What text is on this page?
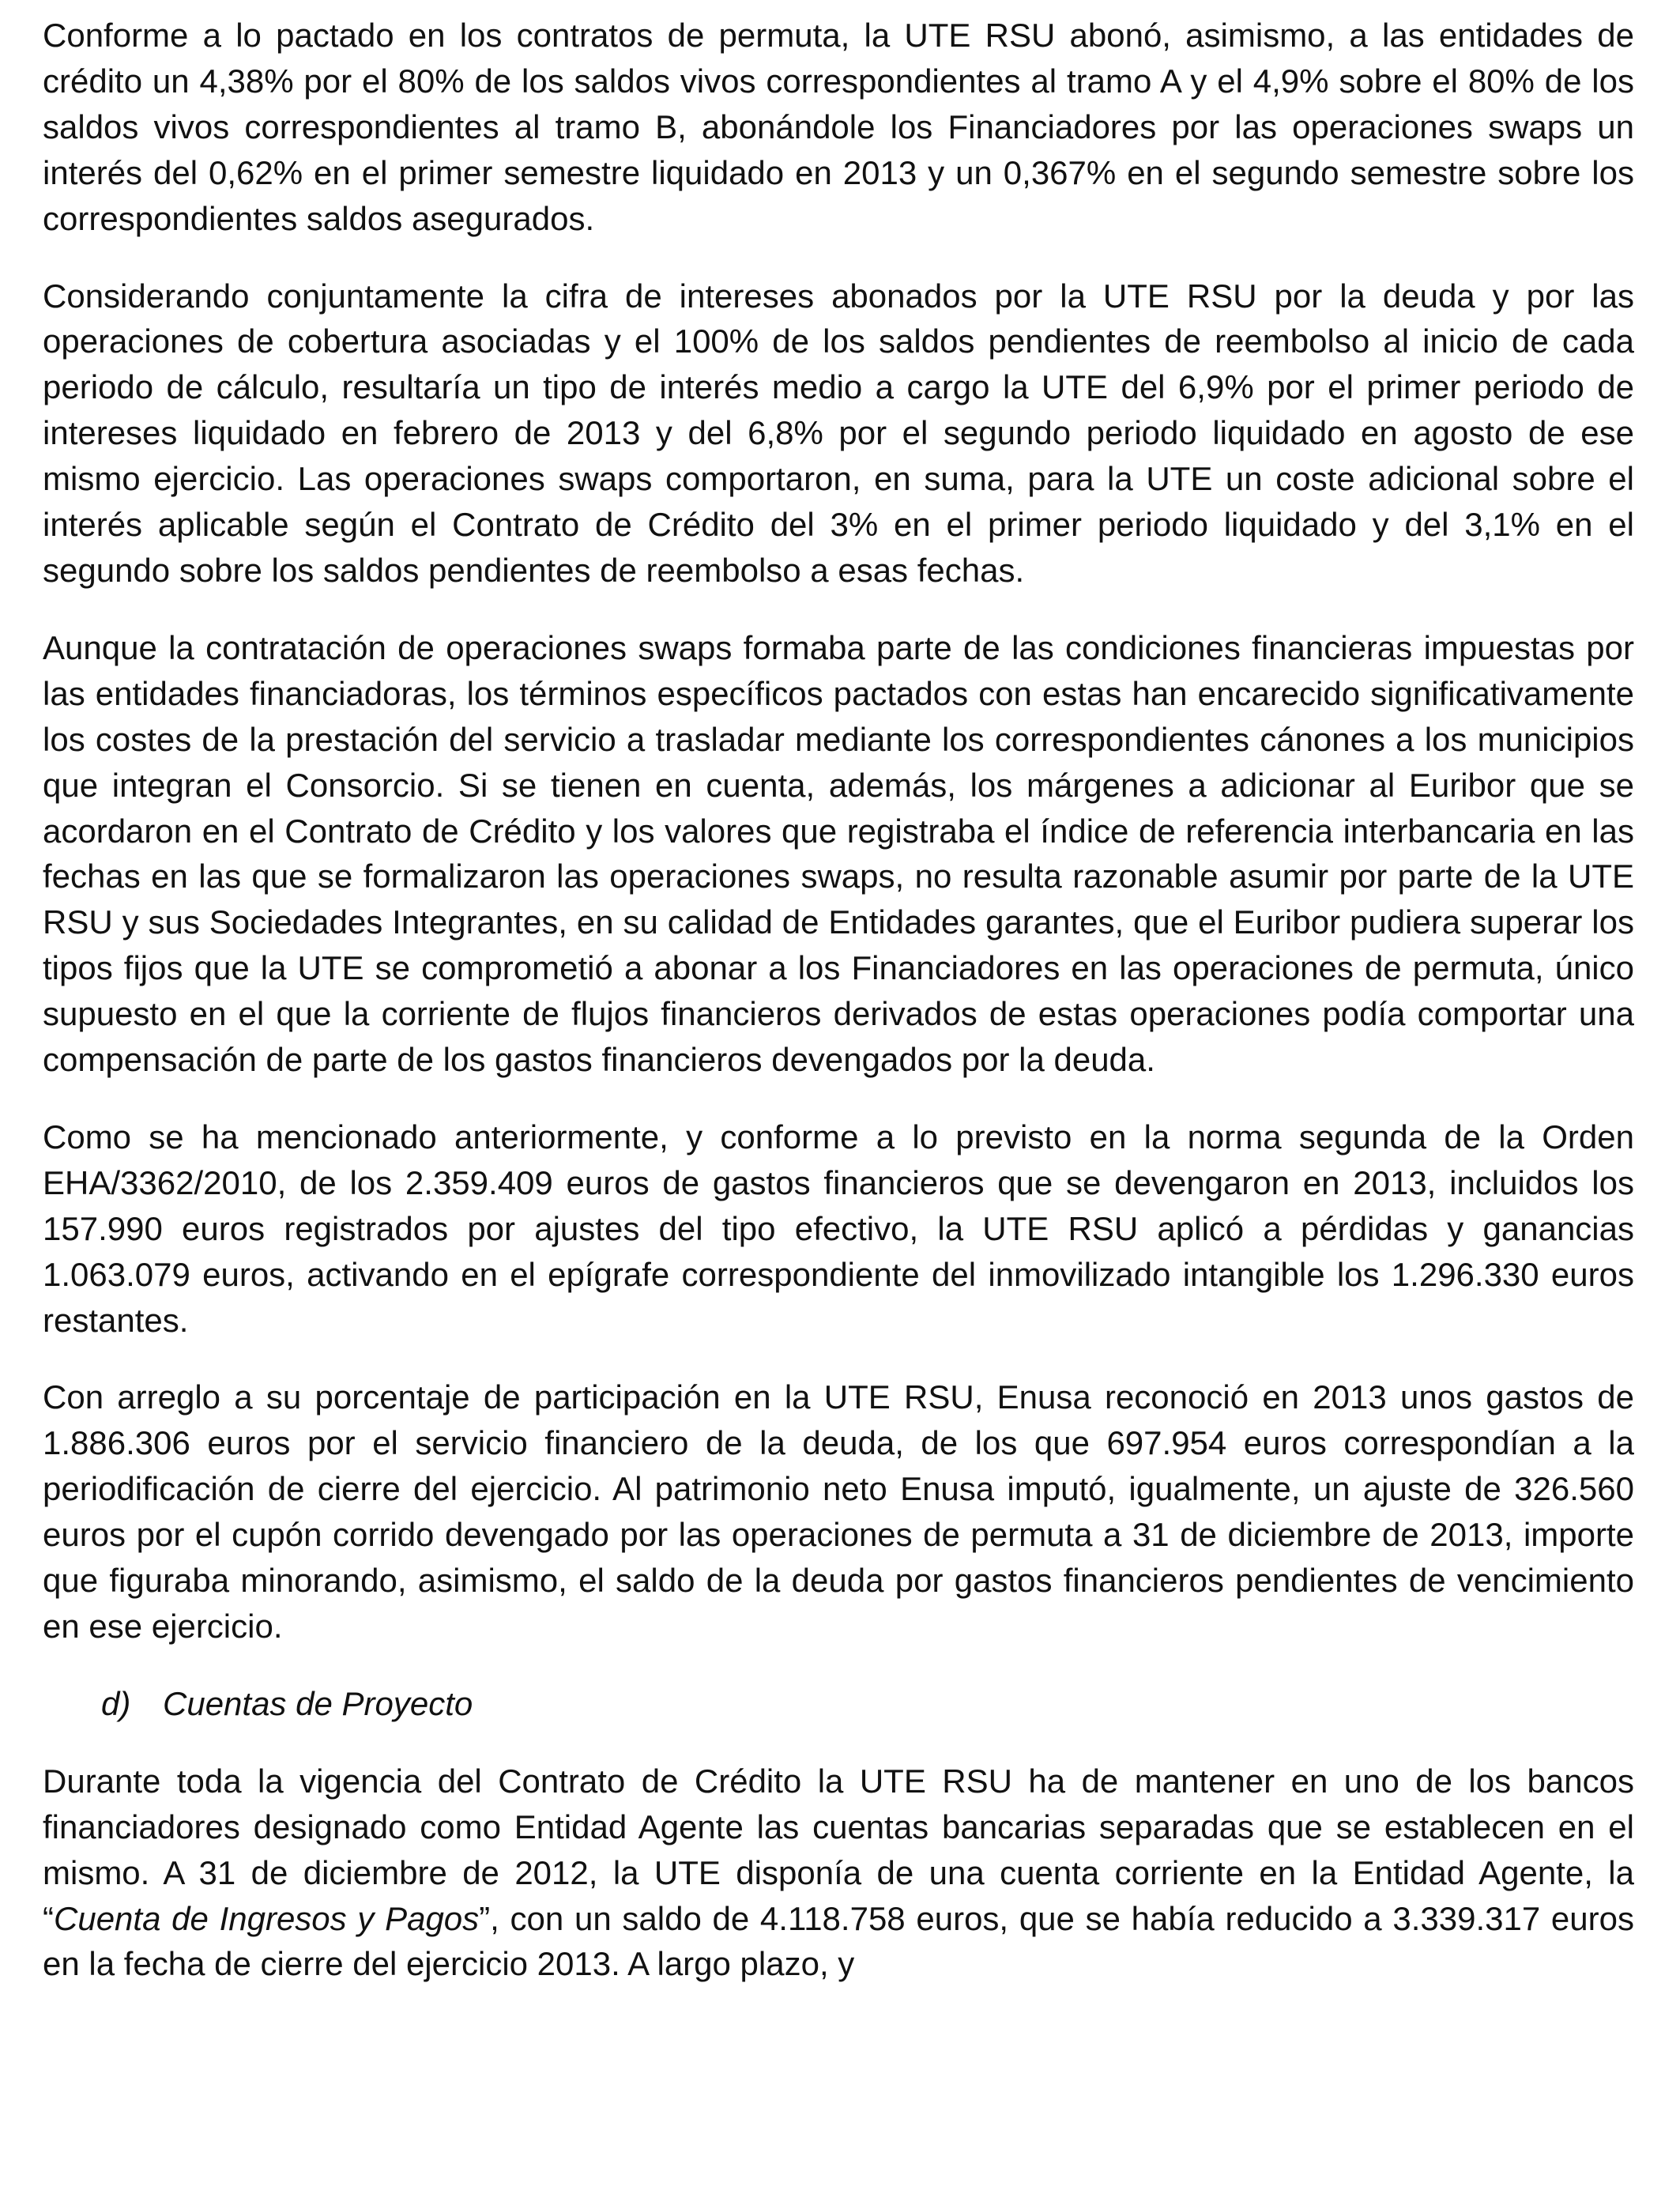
Conforme a lo pactado en los contratos de permuta, la UTE RSU abonó, asimismo, a las entidades de crédito un 4,38% por el 80% de los saldos vivos correspondientes al tramo A y el 4,9% sobre el 80% de los saldos vivos correspondientes al tramo B, abonándole los Financiadores por las operaciones swaps un interés del 0,62% en el primer semestre liquidado en 2013 y un 0,367% en el segundo semestre sobre los correspondientes saldos asegurados.

Considerando conjuntamente la cifra de intereses abonados por la UTE RSU por la deuda y por las operaciones de cobertura asociadas y el 100% de los saldos pendientes de reembolso al inicio de cada periodo de cálculo, resultaría un tipo de interés medio a cargo la UTE del 6,9% por el primer periodo de intereses liquidado en febrero de 2013 y del 6,8% por el segundo periodo liquidado en agosto de ese mismo ejercicio. Las operaciones swaps comportaron, en suma, para la UTE un coste adicional sobre el interés aplicable según el Contrato de Crédito del 3% en el primer periodo liquidado y del 3,1% en el segundo sobre los saldos pendientes de reembolso a esas fechas.

Aunque la contratación de operaciones swaps formaba parte de las condiciones financieras impuestas por las entidades financiadoras, los términos específicos pactados con estas han encarecido significativamente los costes de la prestación del servicio a trasladar mediante los correspondientes cánones a los municipios que integran el Consorcio. Si se tienen en cuenta, además, los márgenes a adicionar al Euribor que se acordaron en el Contrato de Crédito y los valores que registraba el índice de referencia interbancaria en las fechas en las que se formalizaron las operaciones swaps, no resulta razonable asumir por parte de la UTE RSU y sus Sociedades Integrantes, en su calidad de Entidades garantes, que el Euribor pudiera superar los tipos fijos que la UTE se comprometió a abonar a los Financiadores en las operaciones de permuta, único supuesto en el que la corriente de flujos financieros derivados de estas operaciones podía comportar una compensación de parte de los gastos financieros devengados por la deuda.

Como se ha mencionado anteriormente, y conforme a lo previsto en la norma segunda de la Orden EHA/3362/2010, de los 2.359.409 euros de gastos financieros que se devengaron en 2013, incluidos los 157.990 euros registrados por ajustes del tipo efectivo, la UTE RSU aplicó a pérdidas y ganancias 1.063.079 euros, activando en el epígrafe correspondiente del inmovilizado intangible los 1.296.330 euros restantes.

Con arreglo a su porcentaje de participación en la UTE RSU, Enusa reconoció en 2013 unos gastos de 1.886.306 euros por el servicio financiero de la deuda, de los que 697.954 euros correspondían a la periodificación de cierre del ejercicio. Al patrimonio neto Enusa imputó, igualmente, un ajuste de 326.560 euros por el cupón corrido devengado por las operaciones de permuta a 31 de diciembre de 2013, importe que figuraba minorando, asimismo, el saldo de la deuda por gastos financieros pendientes de vencimiento en ese ejercicio.

d) Cuentas de Proyecto

Durante toda la vigencia del Contrato de Crédito la UTE RSU ha de mantener en uno de los bancos financiadores designado como Entidad Agente las cuentas bancarias separadas que se establecen en el mismo. A 31 de diciembre de 2012, la UTE disponía de una cuenta corriente en la Entidad Agente, la “Cuenta de Ingresos y Pagos”, con un saldo de 4.118.758 euros, que se había reducido a 3.339.317 euros en la fecha de cierre del ejercicio 2013. A largo plazo, y
